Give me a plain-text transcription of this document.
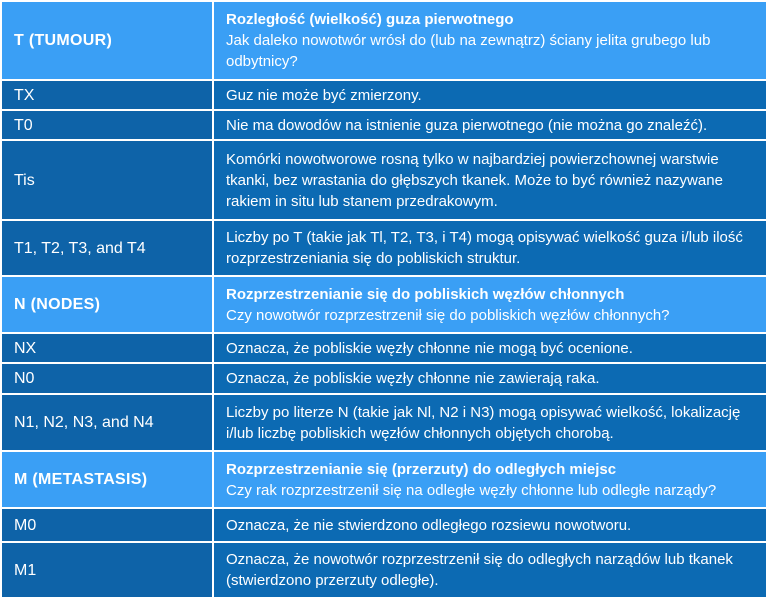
T (TUMOUR)	Rozległość (wielkość) guza pierwotnego
Jak daleko nowotwór wrósł do (lub na zewnątrz) ściany jelita grubego lub odbytnicy?

TX	Guz nie może być zmierzony.
T0	Nie ma dowodów na istnienie guza pierwotnego (nie można go znaleźć).
Tis	Komórki nowotworowe rosną tylko w najbardziej powierzchownej warstwie tkanki, bez wrastania do głębszych tkanek. Może to być również nazywane rakiem in situ lub stanem przedrakowym.
T1, T2, T3, and T4	Liczby po T (takie jak Tl, T2, T3, i T4) mogą opisywać wielkość guza i/lub ilość rozprzestrzeniania się do pobliskich struktur.
N (NODES)	Rozprzestrzenianie się do pobliskich węzłów chłonnych
Czy nowotwór rozprzestrzenił się do pobliskich węzłów chłonnych?

NX	Oznacza, że pobliskie węzły chłonne nie mogą być ocenione.
N0	Oznacza, że pobliskie węzły chłonne nie zawierają raka.
N1, N2, N3, and N4	Liczby po literze N (takie jak Nl, N2 i N3) mogą opisywać wielkość, lokalizację i/lub liczbę pobliskich węzłów chłonnych objętych chorobą.
M (METASTASIS)	Rozprzestrzenianie się (przerzuty) do odległych miejsc
Czy rak rozprzestrzenił się na odległe węzły chłonne lub odległe narządy?

M0	Oznacza, że nie stwierdzono odległego rozsiewu nowotworu.
M1	Oznacza, że nowotwór rozprzestrzenił się do odległych narządów lub tkanek (stwierdzono przerzuty odległe).
